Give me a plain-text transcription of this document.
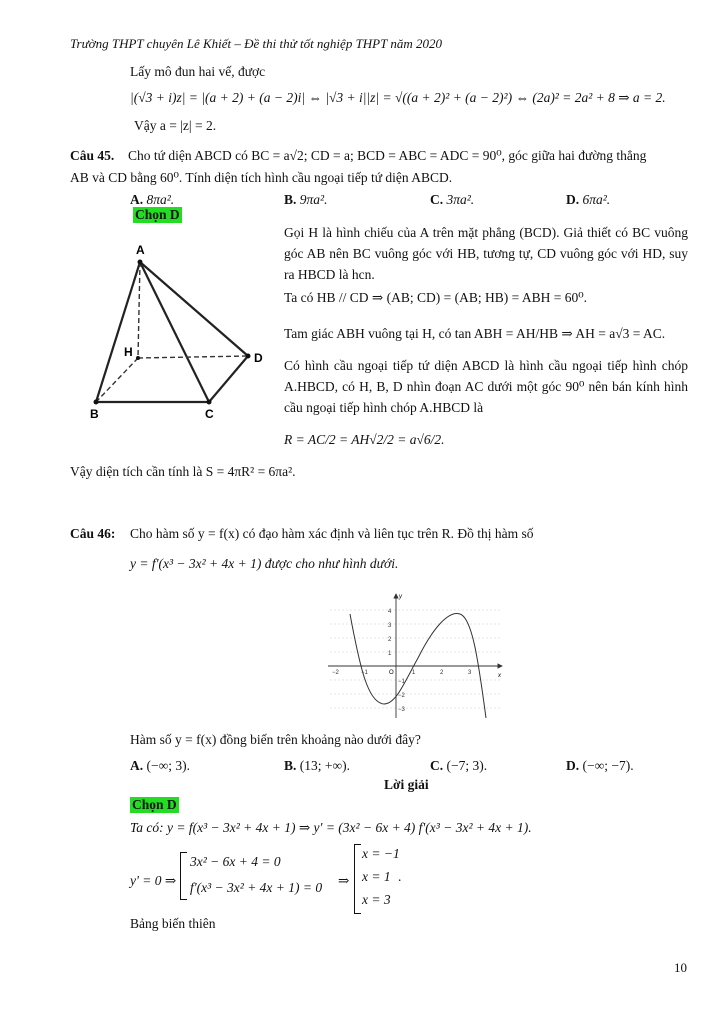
Trường THPT chuyên Lê Khiết – Đề thi thử tốt nghiệp THPT năm 2020
Lấy mô đun hai vế, được
|(√3 + i)z| = |(a + 2) + (a − 2)i| ⇔ |√3 + i||z| = √((a + 2)² + (a − 2)²) ⇔ (2a)² = 2a² + 8 ⇒ a = 2.
Vậy a = |z| = 2.
Câu 45. Cho tứ diện ABCD có BC = a√2; CD = a; BCD = ABC = ADC = 90⁰, góc giữa hai đường thẳng
AB và CD bằng 60⁰. Tính diện tích hình cầu ngoại tiếp tứ diện ABCD.
A. 8πa².	B. 9πa².	C. 3πa².	D. 6πa².
Chọn D
A
B	C
D
H
Gọi H là hình chiếu của A trên mặt phẳng (BCD). Giả thiết có BC vuông góc AB nên BC vuông góc với HB, tương tự, CD vuông góc với HD, suy ra HBCD là hcn.
Ta có HB // CD ⇒ (AB; CD) = (AB; HB) = ABH = 60⁰.
Tam giác ABH vuông tại H, có tan ABH = AH/HB ⇒ AH = a√3 = AC.
Có hình cầu ngoại tiếp tứ diện ABCD là hình cầu ngoại tiếp hình chóp A.HBCD, có H, B, D nhìn đoạn AC dưới một góc 90⁰ nên bán kính hình cầu ngoại tiếp hình chóp A.HBCD là
R = AC/2 = AH√2/2 = a√6/2.
Vậy diện tích cần tính là S = 4πR² = 6πa².
Câu 46: Cho hàm số y = f(x) có đạo hàm xác định và liên tục trên R. Đồ thị hàm số
y = f'(x³ − 3x² + 4x + 1) được cho như hình dưới.
x
y
O
−2	−1	1	2	3
4
3
2
1
−1
−2
−3
Hàm số y = f(x) đồng biến trên khoảng nào dưới đây?
A. (−∞; 3).	B. (13; +∞).	C. (−7; 3).	D. (−∞; −7).
Lời giải
Chọn D
Ta có: y = f(x³ − 3x² + 4x + 1) ⇒ y' = (3x² − 6x + 4) f'(x³ − 3x² + 4x + 1).
y' = 0 ⇒
3x² − 6x + 4 = 0
f'(x³ − 3x² + 4x + 1) = 0 ⇒
x = −1
x = 1
x = 3
.
Bảng biến thiên
10
